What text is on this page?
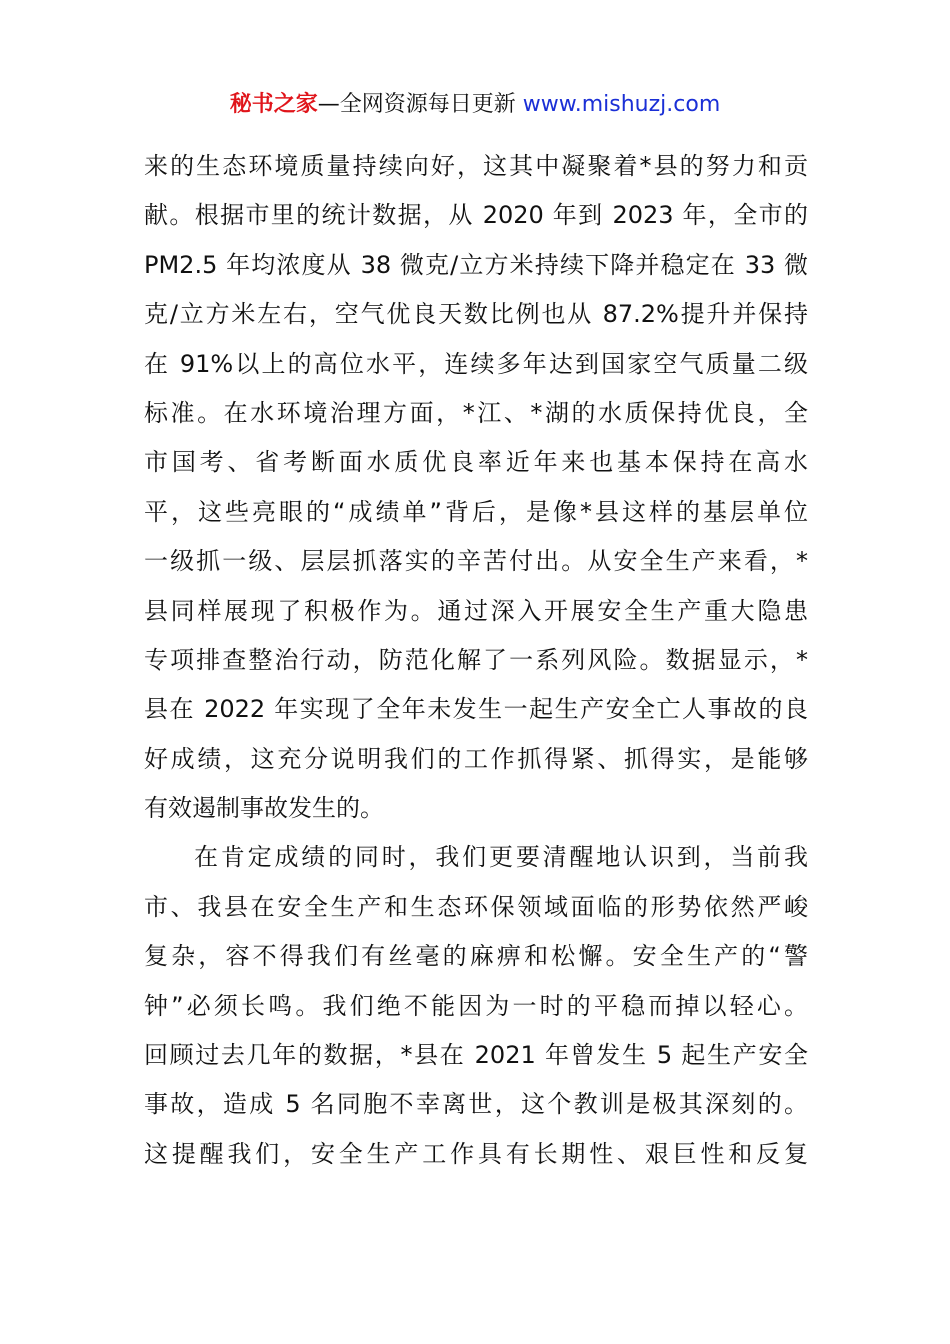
秘书之家—全网资源每日更新 www.mishuzj.com
来的生态环境质量持续向好，这其中凝聚着*县的努力和贡
献。根据市里的统计数据，从 2020 年到 2023 年，全市的
PM2.5 年均浓度从 38 微克/立方米持续下降并稳定在 33 微
克/立方米左右，空气优良天数比例也从 87.2%提升并保持
在 91%以上的高位水平，连续多年达到国家空气质量二级
标准。在水环境治理方面，*江、*湖的水质保持优良，全
市国考、省考断面水质优良率近年来也基本保持在高水
平，这些亮眼的“成绩单”背后，是像*县这样的基层单位
一级抓一级、层层抓落实的辛苦付出。从安全生产来看，*
县同样展现了积极作为。通过深入开展安全生产重大隐患
专项排查整治行动，防范化解了一系列风险。数据显示，*
县在 2022 年实现了全年未发生一起生产安全亡人事故的良
好成绩，这充分说明我们的工作抓得紧、抓得实，是能够
有效遏制事故发生的。
在肯定成绩的同时，我们更要清醒地认识到，当前我
市、我县在安全生产和生态环保领域面临的形势依然严峻
复杂，容不得我们有丝毫的麻痹和松懈。安全生产的“警
钟”必须长鸣。我们绝不能因为一时的平稳而掉以轻心。
回顾过去几年的数据，*县在 2021 年曾发生 5 起生产安全
事故，造成 5 名同胞不幸离世，这个教训是极其深刻的。
这提醒我们，安全生产工作具有长期性、艰巨性和反复
